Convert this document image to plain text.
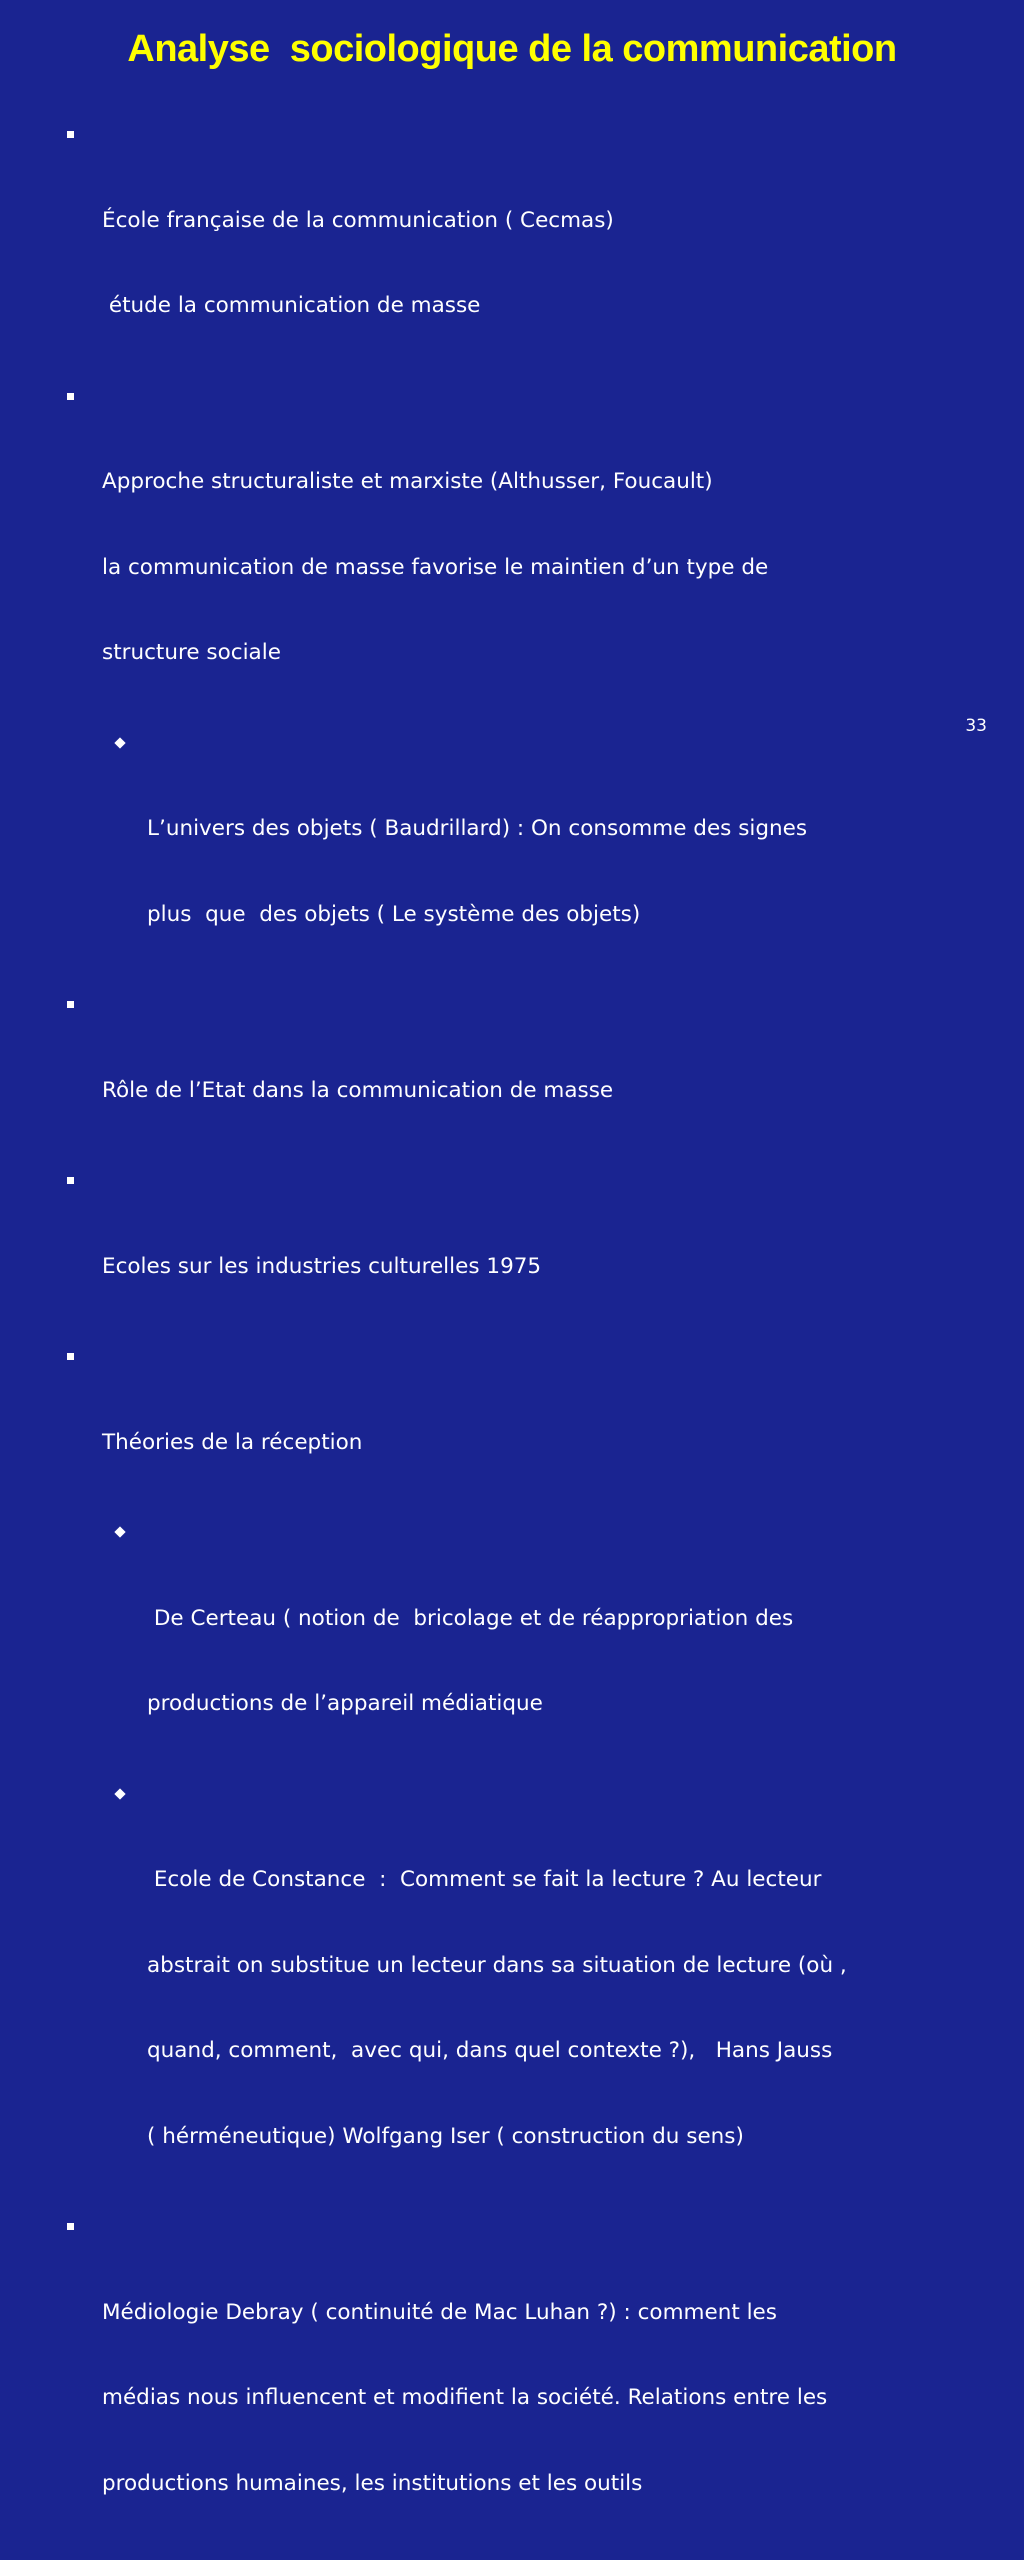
Analyse  sociologique de la communication

École française de la communication ( Cecmas)

étude la communication de masse

Approche structuraliste et marxiste (Althusser, Foucault)

la communication de masse favorise le maintien d’un type de

structure sociale

L’univers des objets ( Baudrillard) : On consomme des signes

plus  que  des objets ( Le système des objets)

Rôle de l’Etat dans la communication de masse

Ecoles sur les industries culturelles 1975

Théories de la réception

De Certeau ( notion de  bricolage et de réappropriation des

productions de l’appareil médiatique

Ecole de Constance  :  Comment se fait la lecture ? Au lecteur

abstrait on substitue un lecteur dans sa situation de lecture (où ,

quand, comment,  avec qui, dans quel contexte ?),   Hans Jauss

( hérméneutique) Wolfgang Iser ( construction du sens)

Médiologie Debray ( continuité de Mac Luhan ?) : comment les

médias nous influencent et modifient la société. Relations entre les

productions humaines, les institutions et les outils

33
